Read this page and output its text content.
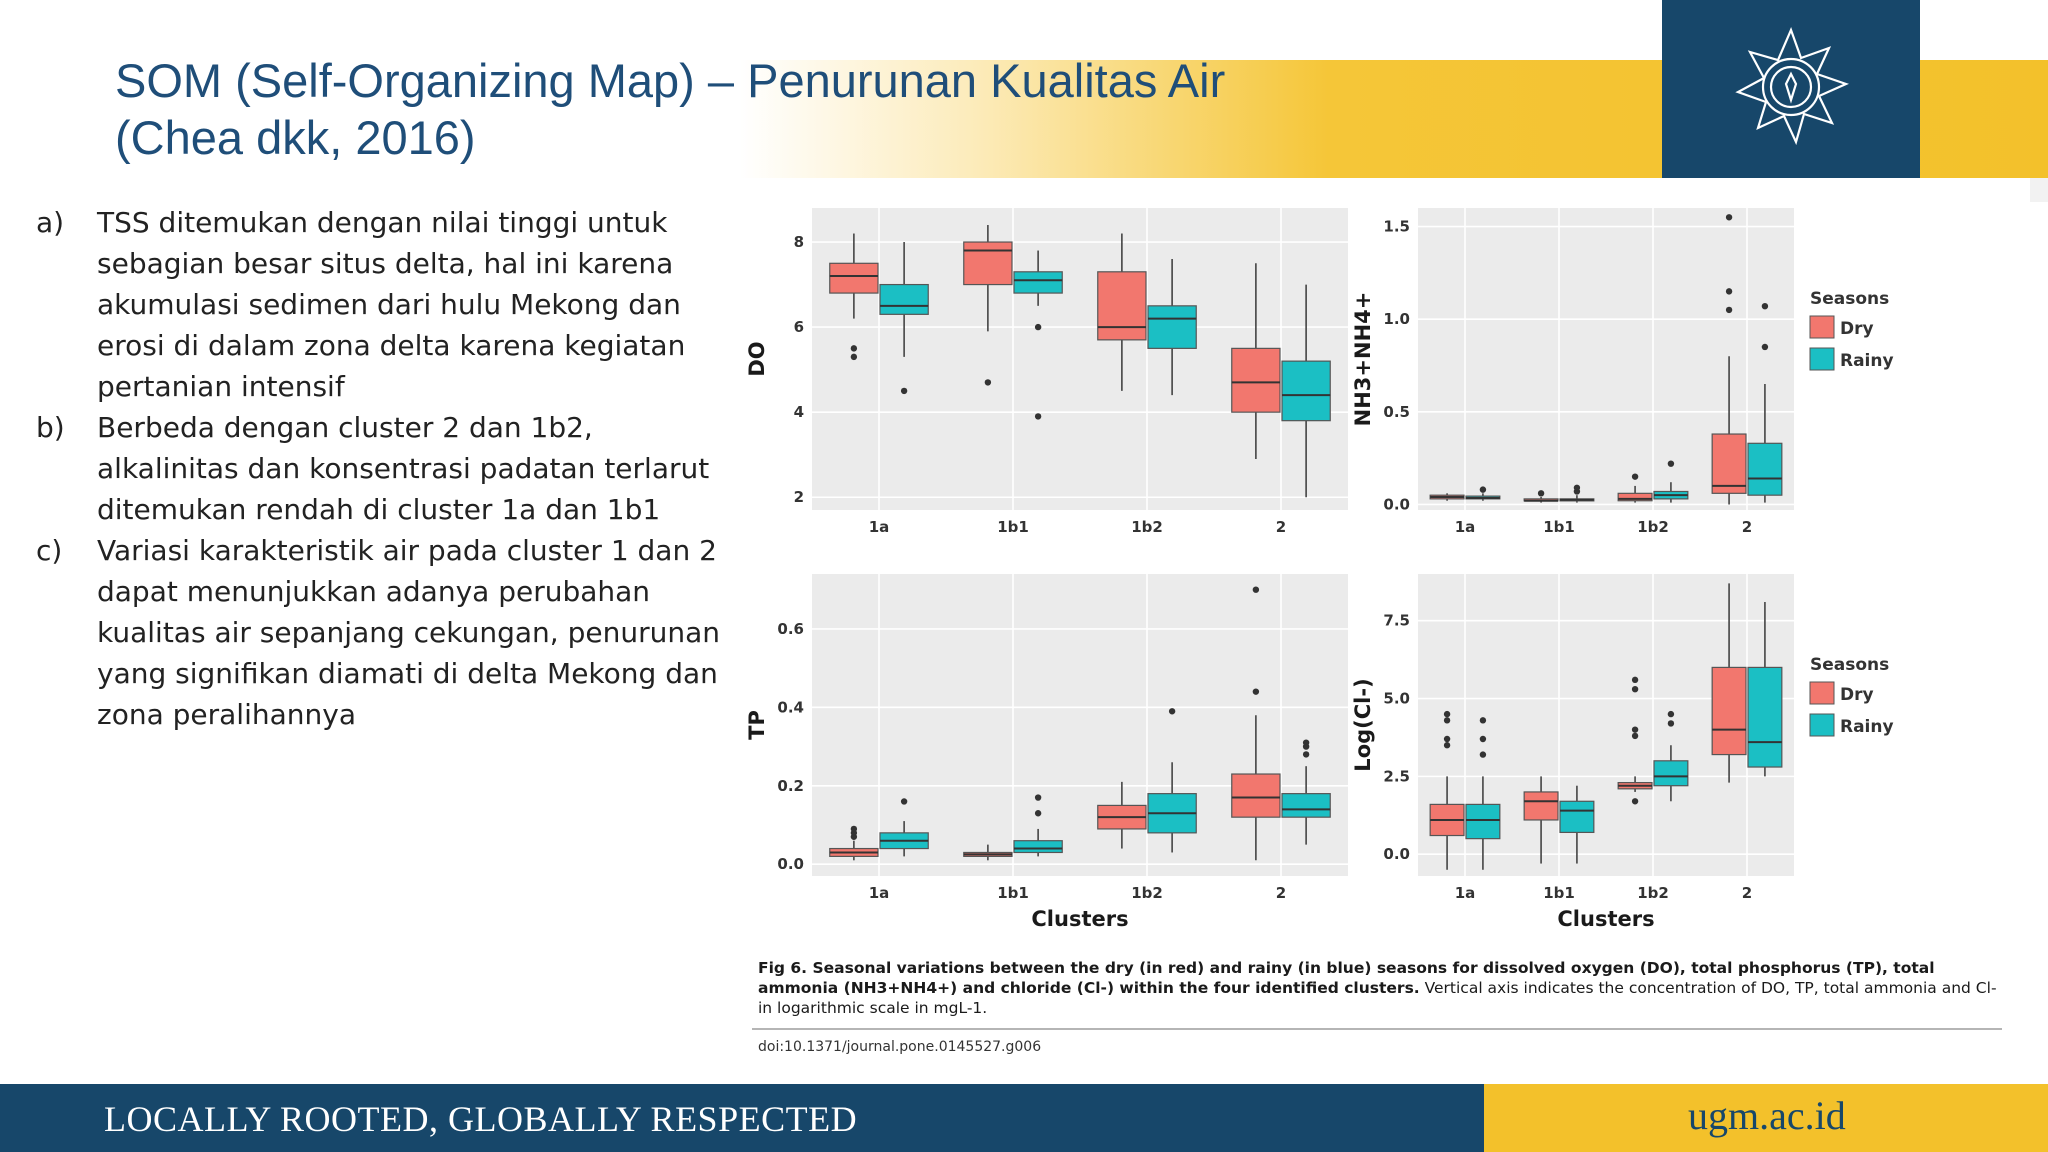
SOM (Self-Organizing Map) – Penurunan Kualitas Air
(Chea dkk, 2016)
a) TSS ditemukan dengan nilai tinggi untuk sebagian besar situs delta, hal ini karena akumulasi sedimen dari hulu Mekong dan erosi di dalam zona delta karena kegiatan pertanian intensif
b) Berbeda dengan cluster 2 dan 1b2, alkalinitas dan konsentrasi padatan terlarut ditemukan rendah di cluster 1a dan 1b1
c) Variasi karakteristik air pada cluster 1 dan 2 dapat menunjukkan adanya perubahan kualitas air sepanjang cekungan, penurunan yang signifikan diamati di delta Mekong dan zona peralihannya
2
4
6
8
1a	1b1	1b2	2
DO
0.0
0.5
1.0
1.5
1a	1b1	1b2	2
NH3+NH4+	Seasons
Dry
Rainy
0.0
0.2
0.4
0.6
1a	1b1	1b2	2
TP
Clusters
0.0
2.5
5.0
7.5
1a	1b1	1b2	2
Log(Cl-)
Clusters
Seasons
Dry
Rainy

Fig 6. Seasonal variations between the dry (in red) and rainy (in blue) seasons for dissolved oxygen (DO), total phosphorus (TP), total ammonia (NH3+NH4+) and chloride (Cl-) within the four identified clusters. Vertical axis indicates the concentration of DO, TP, total ammonia and Cl- in logarithmic scale in mgL-1.

doi:10.1371/journal.pone.0145527.g006

LOCALLY ROOTED, GLOBALLY RESPECTED	ugm.ac.id
